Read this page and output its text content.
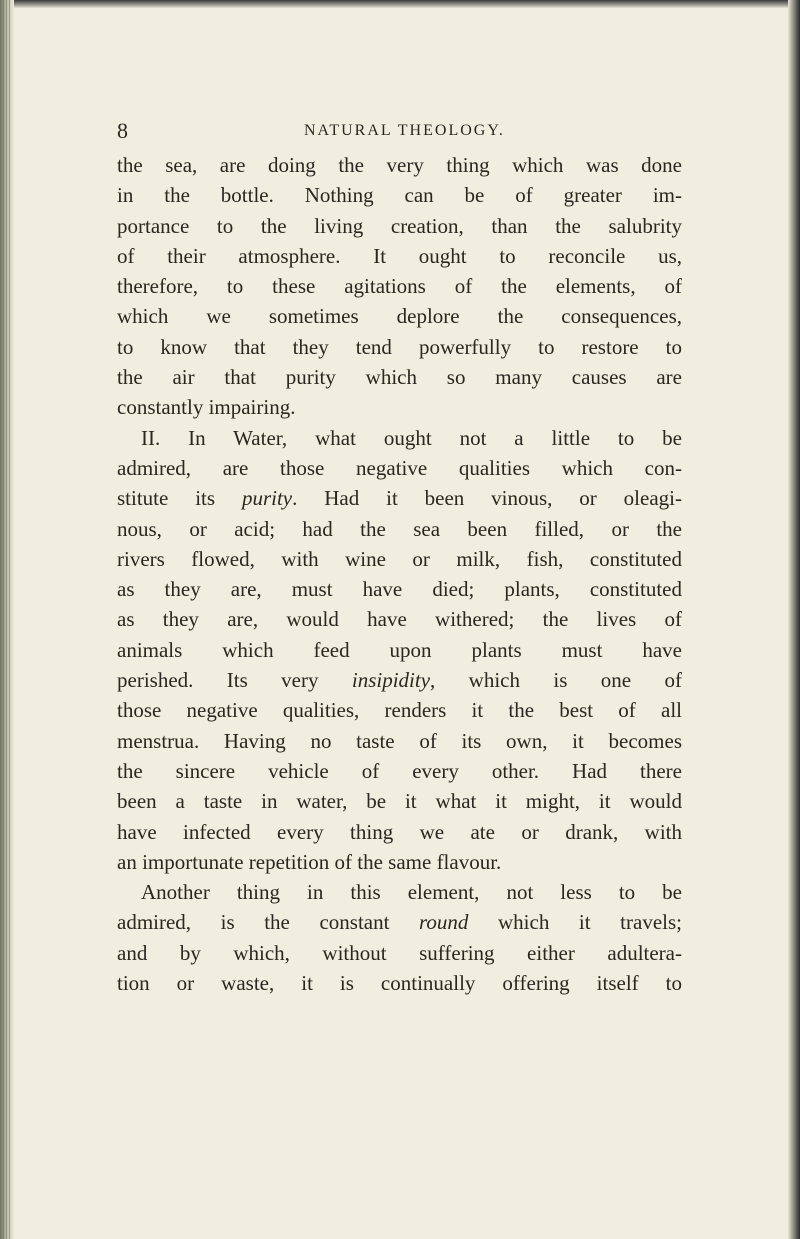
8	NATURAL THEOLOGY.
the sea, are doing the very thing which was done
in the bottle. Nothing can be of greater im-
portance to the living creation, than the salubrity
of their atmosphere. It ought to reconcile us,
therefore, to these agitations of the elements, of
which we sometimes deplore the consequences,
to know that they tend powerfully to restore to
the air that purity which so many causes are
constantly impairing.
II. In Water, what ought not a little to be
admired, are those negative qualities which con-
stitute its purity. Had it been vinous, or oleagi-
nous, or acid; had the sea been filled, or the
rivers flowed, with wine or milk, fish, constituted
as they are, must have died; plants, constituted
as they are, would have withered; the lives of
animals which feed upon plants must have
perished. Its very insipidity, which is one of
those negative qualities, renders it the best of all
menstrua. Having no taste of its own, it becomes
the sincere vehicle of every other. Had there
been a taste in water, be it what it might, it would
have infected every thing we ate or drank, with
an importunate repetition of the same flavour.
Another thing in this element, not less to be
admired, is the constant round which it travels;
and by which, without suffering either adultera-
tion or waste, it is continually offering itself to
